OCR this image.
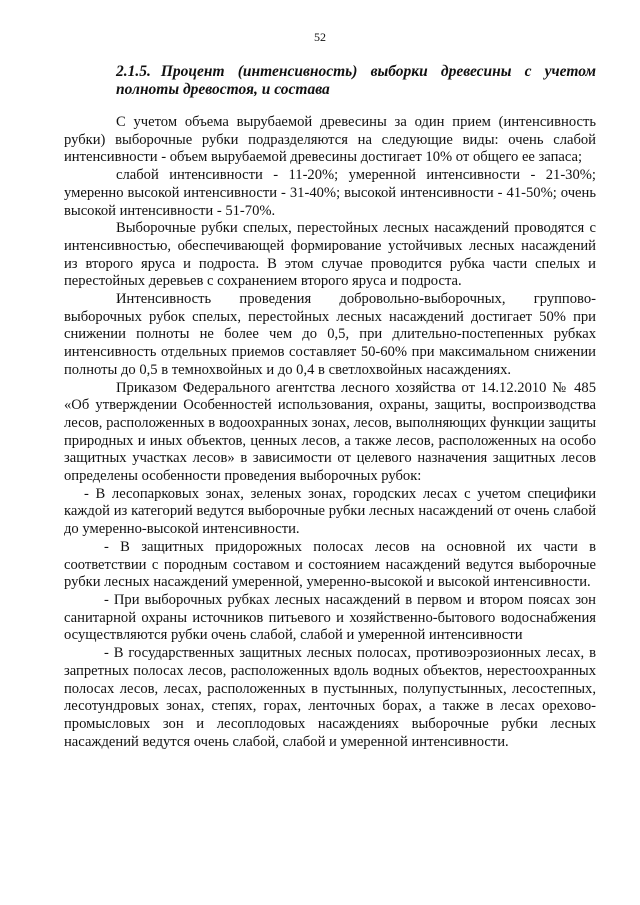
52
2.1.5. Процент (интенсивность) выборки древесины с учетом полноты древостоя, и состава

С учетом объема вырубаемой древесины за один прием (интенсивность рубки) выборочные рубки подразделяются на следующие виды: очень слабой интенсивности - объем вырубаемой древесины достигает 10% от общего ее запаса;

слабой интенсивности - 11-20%; умеренной интенсивности - 21-30%; умеренно высокой интенсивности - 31-40%; высокой интенсивности - 41-50%; очень высокой интенсивности - 51-70%.

Выборочные рубки спелых, перестойных лесных насаждений проводятся с интенсивностью, обеспечивающей формирование устойчивых лесных насаждений из второго яруса и подроста. В этом случае проводится рубка части спелых и перестойных деревьев с сохранением второго яруса и подроста.

Интенсивность проведения добровольно-выборочных, группово-выборочных рубок спелых, перестойных лесных насаждений достигает 50% при снижении полноты не более чем до 0,5, при длительно-постепенных рубках интенсивность отдельных приемов составляет 50-60% при максимальном снижении полноты до 0,5 в темнохвойных и до 0,4 в светлохвойных насаждениях.

Приказом Федерального агентства лесного хозяйства от 14.12.2010 № 485 «Об утверждении Особенностей использования, охраны, защиты, воспроизводства лесов, расположенных в водоохранных зонах, лесов, выполняющих функции защиты природных и иных объектов, ценных лесов, а также лесов, расположенных на особо защитных участках лесов» в зависимости от целевого назначения защитных лесов определены особенности проведения выборочных рубок:

- В лесопарковых зонах, зеленых зонах, городских лесах с учетом специфики каждой из категорий ведутся выборочные рубки лесных насаждений от очень слабой до умеренно-высокой интенсивности.

- В защитных придорожных полосах лесов на основной их части в соответствии с породным составом и состоянием насаждений ведутся выборочные рубки лесных насаждений умеренной, умеренно-высокой и высокой интенсивности.

- При выборочных рубках лесных насаждений в первом и втором поясах зон санитарной охраны источников питьевого и хозяйственно-бытового водоснабжения осуществляются рубки очень слабой, слабой и умеренной интенсивности

- В государственных защитных лесных полосах, противоэрозионных лесах, в запретных полосах лесов, расположенных вдоль водных объектов, нерестоохранных полосах лесов, лесах, расположенных в пустынных, полупустынных, лесостепных, лесотундровых зонах, степях, горах, ленточных борах, а также в лесах орехово-промысловых зон и лесоплодовых насаждениях выборочные рубки лесных насаждений ведутся очень слабой, слабой и умеренной интенсивности.
